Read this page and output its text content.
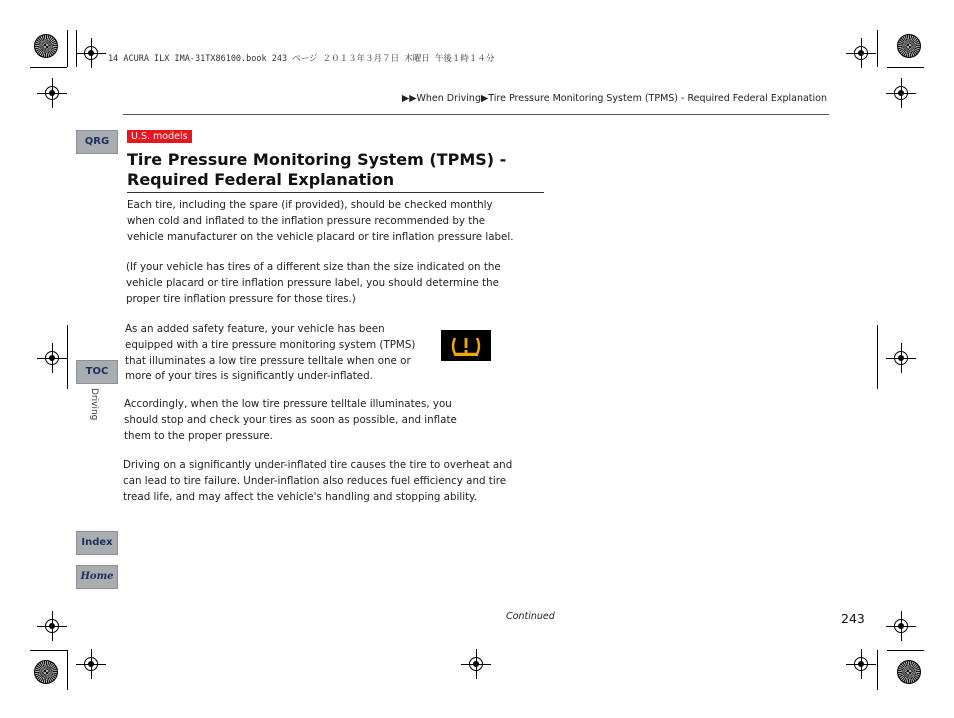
14 ACURA ILX IMA-31TX86100.book 243 ページ ２０１３年３月７日 木曜日 午後１時１４分
▶▶When Driving▶Tire Pressure Monitoring System (TPMS) - Required Federal Explanation
QRG
TOC
Driving
Index
Home
U.S. models
Tire Pressure Monitoring System (TPMS) -
Required Federal Explanation
Each tire, including the spare (if provided), should be checked monthly when cold and inflated to the inflation pressure recommended by the vehicle manufacturer on the vehicle placard or tire inflation pressure label.
(If your vehicle has tires of a different size than the size indicated on the vehicle placard or tire inflation pressure label, you should determine the proper tire inflation pressure for those tires.)
As an added safety feature, your vehicle has been equipped with a tire pressure monitoring system (TPMS) that illuminates a low tire pressure telltale when one or more of your tires is significantly under-inflated.
Accordingly, when the low tire pressure telltale illuminates, you should stop and check your tires as soon as possible, and inflate them to the proper pressure.
Driving on a significantly under-inflated tire causes the tire to overheat and can lead to tire failure. Under-inflation also reduces fuel efficiency and tire tread life, and may affect the vehicle's handling and stopping ability.
Continued	243
